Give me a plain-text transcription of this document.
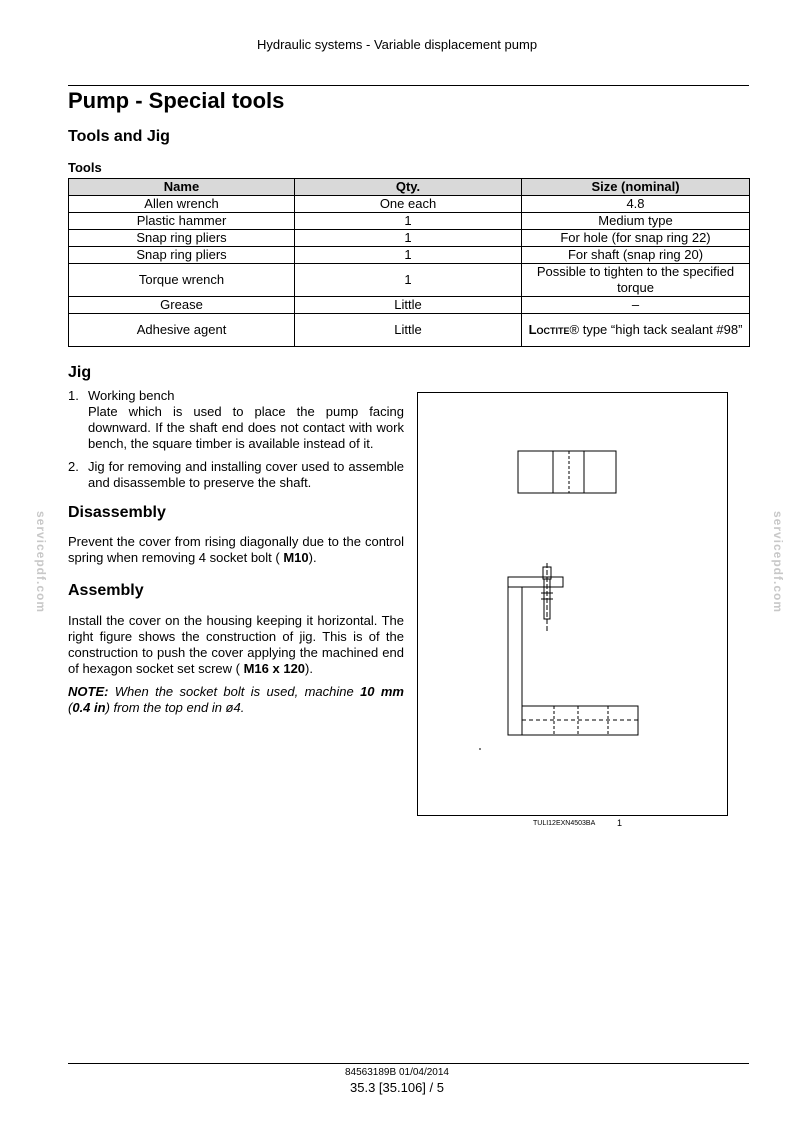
Hydraulic systems - Variable displacement pump
Pump - Special tools
Tools and Jig
Tools
Name	Qty.	Size (nominal)
Allen wrench	One each	4.8
Plastic hammer	1	Medium type
Snap ring pliers	1	For hole (for snap ring 22)
Snap ring pliers	1	For shaft (snap ring 20)
Torque wrench	1	Possible to tighten to the specified torque
Grease	Little	–
Adhesive agent	Little	Loctite® type “high tack sealant #98”
Jig
1. Working bench
Plate which is used to place the pump facing downward. If the shaft end does not contact with work bench, the square timber is available instead of it.
2. Jig for removing and installing cover used to assemble and disassemble to preserve the shaft.
Disassembly
Prevent the cover from rising diagonally due to the control spring when removing 4 socket bolt ( M10).
Assembly
Install the cover on the housing keeping it horizontal. The right figure shows the construction of jig. This is of the construction to push the cover applying the machined end of hexagon socket set screw ( M16 x 120).
NOTE: When the socket bolt is used, machine 10 mm (0.4 in) from the top end in ø4.
TULI12EXN4503BA 1
servicepdf.com	servicepdf.com
84563189B 01/04/2014
35.3 [35.106] / 5
